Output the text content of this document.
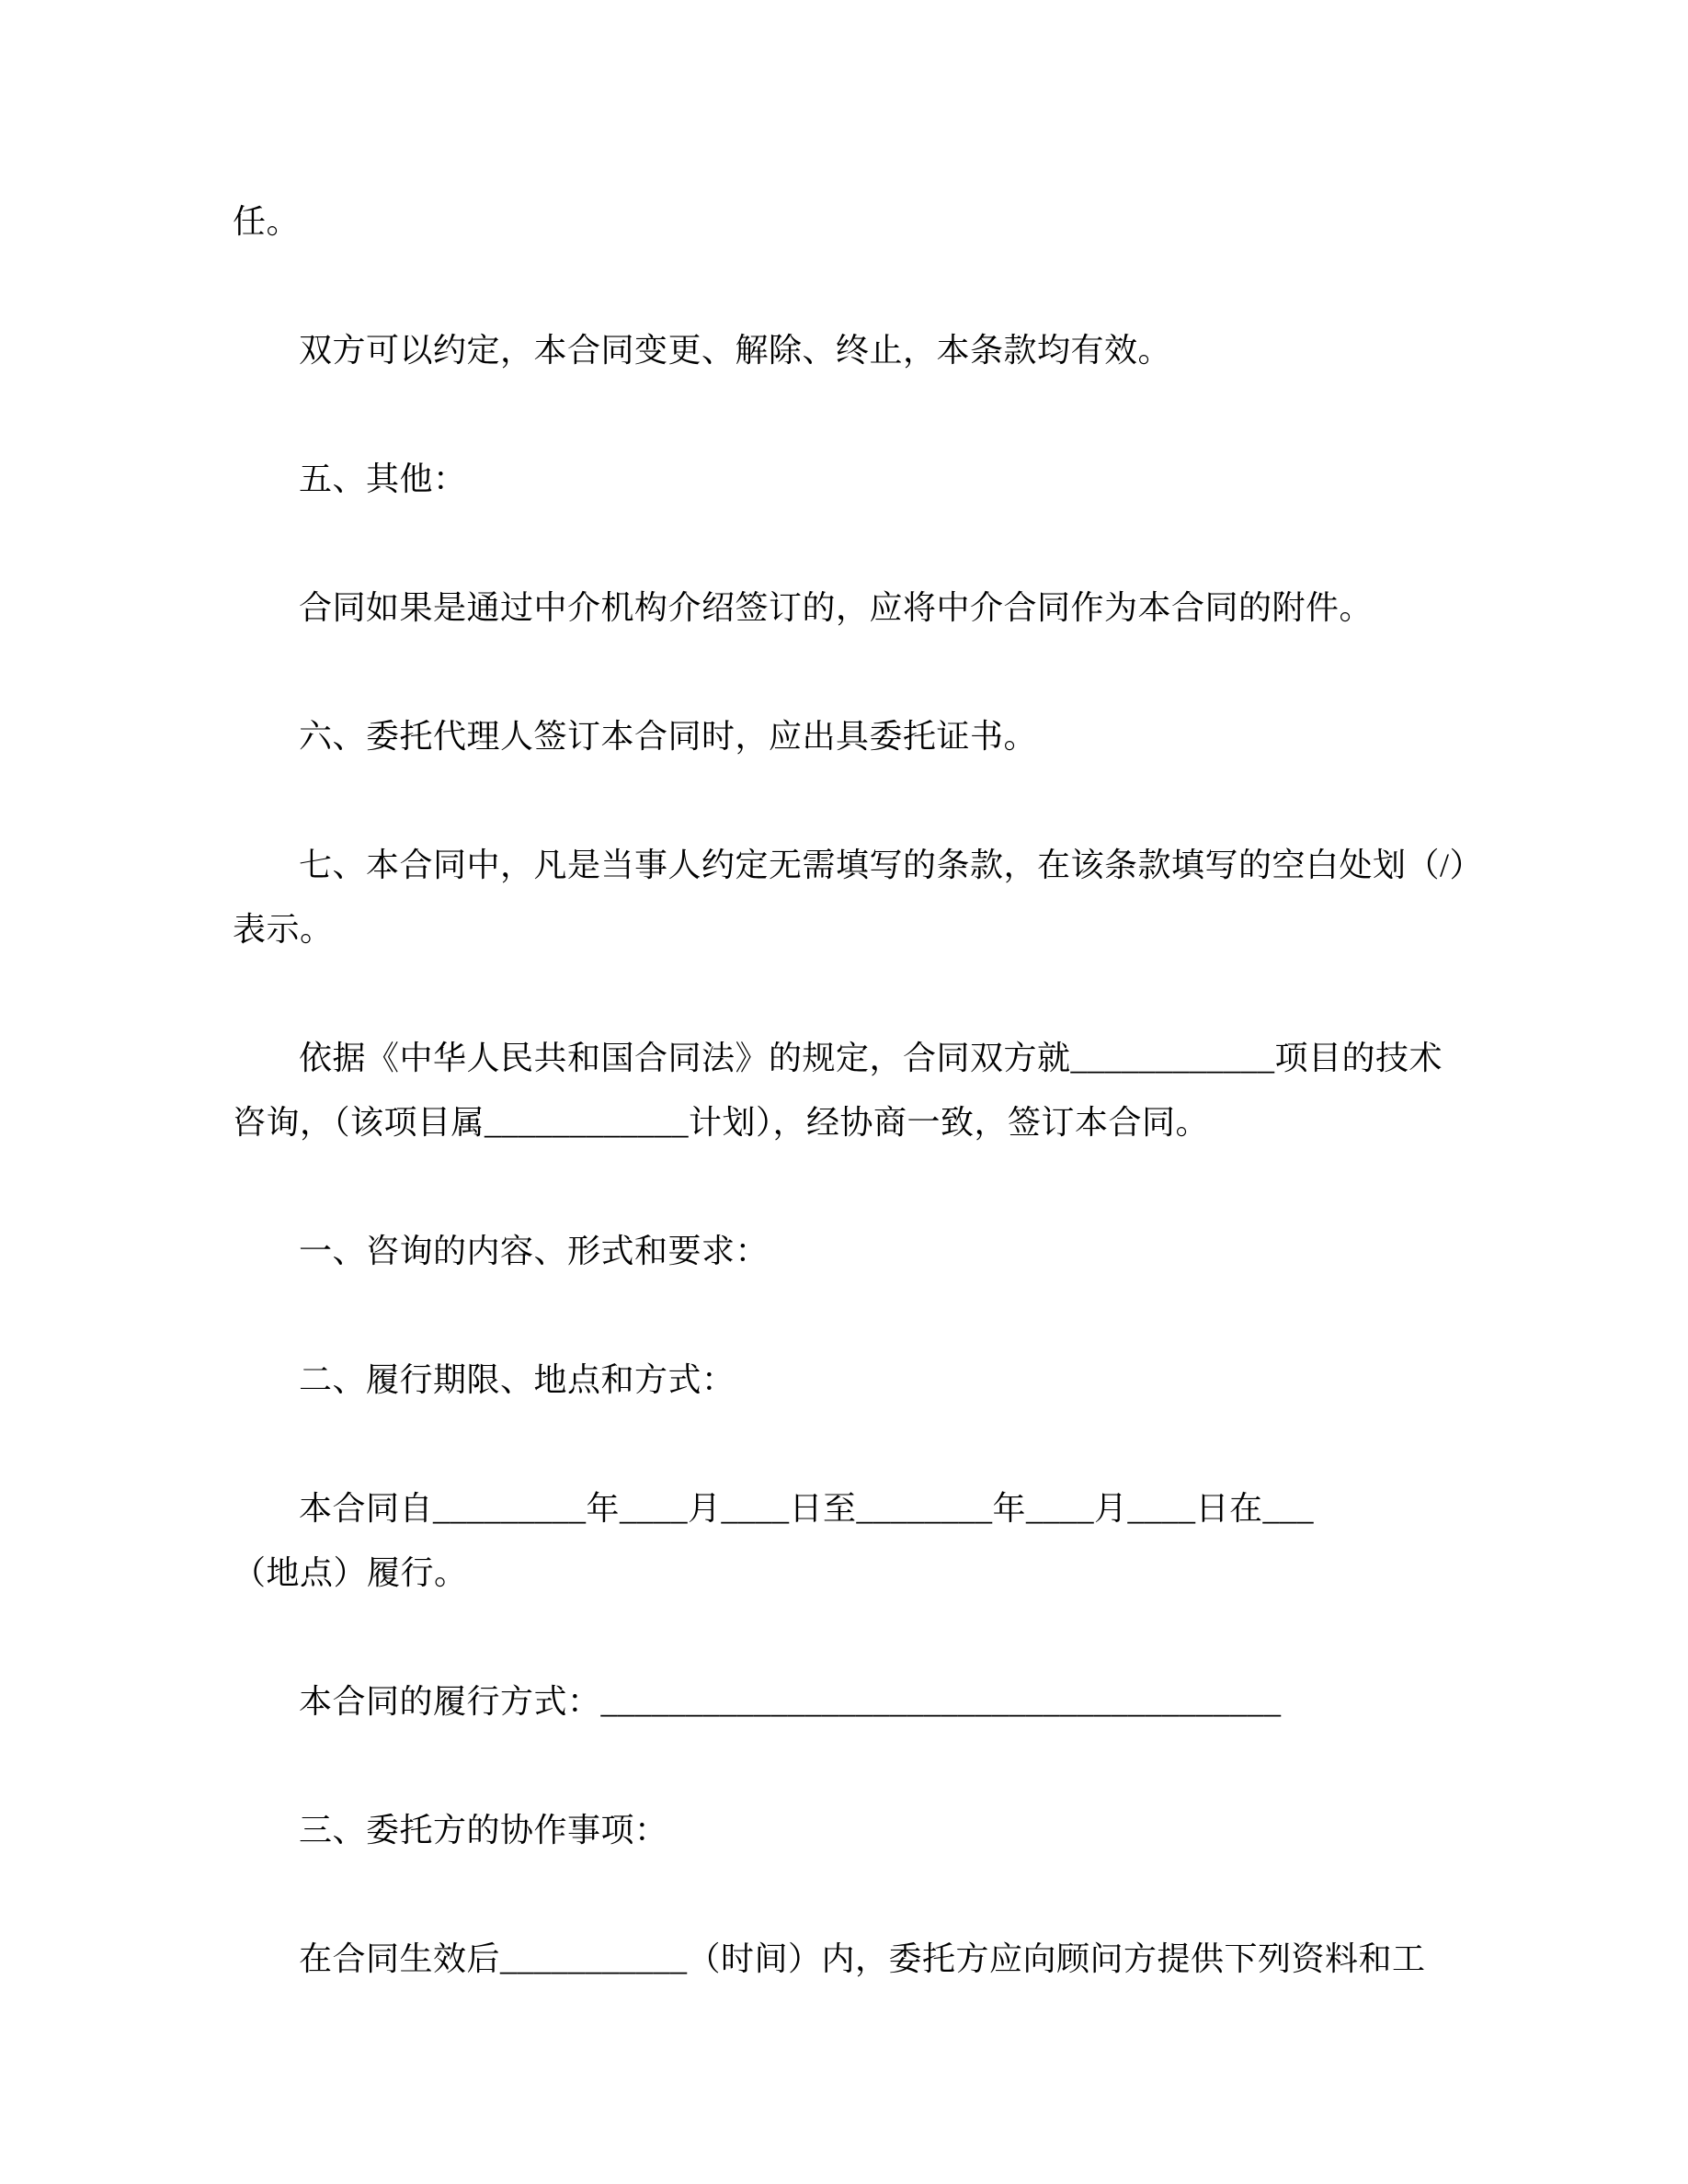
任。
双方可以约定，本合同变更、解除、终止，本条款均有效。
五、其他：
合同如果是通过中介机构介绍签订的，应将中介合同作为本合同的附件。
六、委托代理人签订本合同时，应出具委托证书。
七、本合同中，凡是当事人约定无需填写的条款，在该条款填写的空白处划（/）
表示。
依据《中华人民共和国合同法》的规定，合同双方就____________项目的技术
咨询，（该项目属____________计划），经协商一致，签订本合同。
一、咨询的内容、形式和要求：
二、履行期限、地点和方式：
本合同自_________年____月____日至________年____月____日在___
（地点）履行。
本合同的履行方式：________________________________________
三、委托方的协作事项：
在合同生效后___________（时间）内，委托方应向顾问方提供下列资料和工
